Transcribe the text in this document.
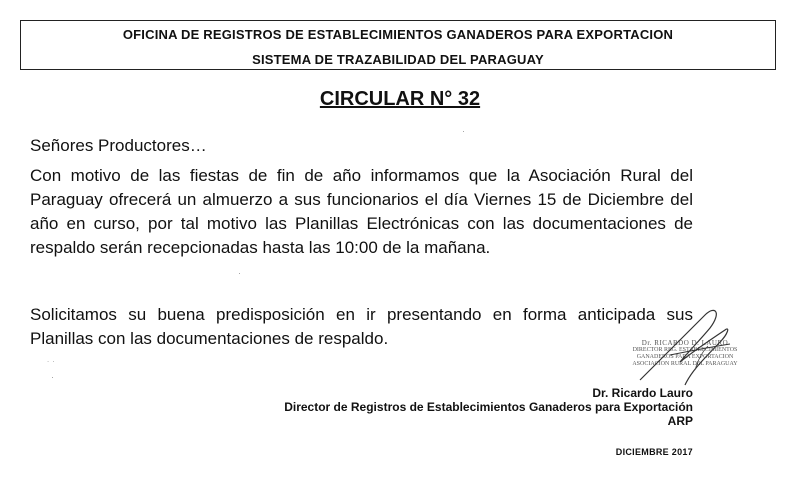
OFICINA DE REGISTROS DE ESTABLECIMIENTOS GANADEROS PARA EXPORTACION
SISTEMA DE TRAZABILIDAD DEL PARAGUAY
CIRCULAR N° 32

Señores Productores…

Con motivo de las fiestas de fin de año informamos que la Asociación Rural del Paraguay ofrecerá un almuerzo a sus funcionarios el día Viernes 15 de Diciembre del año en curso, por tal motivo las Planillas Electrónicas con las documentaciones de respaldo serán recepcionadas hasta las 10:00 de la mañana.

Solicitamos su buena predisposición en ir presentando en forma anticipada sus Planillas con las documentaciones de respaldo.	Dr. RICARDO D. LAURO
DIRECTOR REG. ESTABLECIMIENTOS
GANADEROS PARA EXPORTACION
ASOCIACION RURAL DEL PARAGUAY
Dr. Ricardo Lauro
Director de Registros de Establecimientos Ganaderos para Exportación
ARP
DICIEMBRE 2017
·
·
˙ ˙
·
